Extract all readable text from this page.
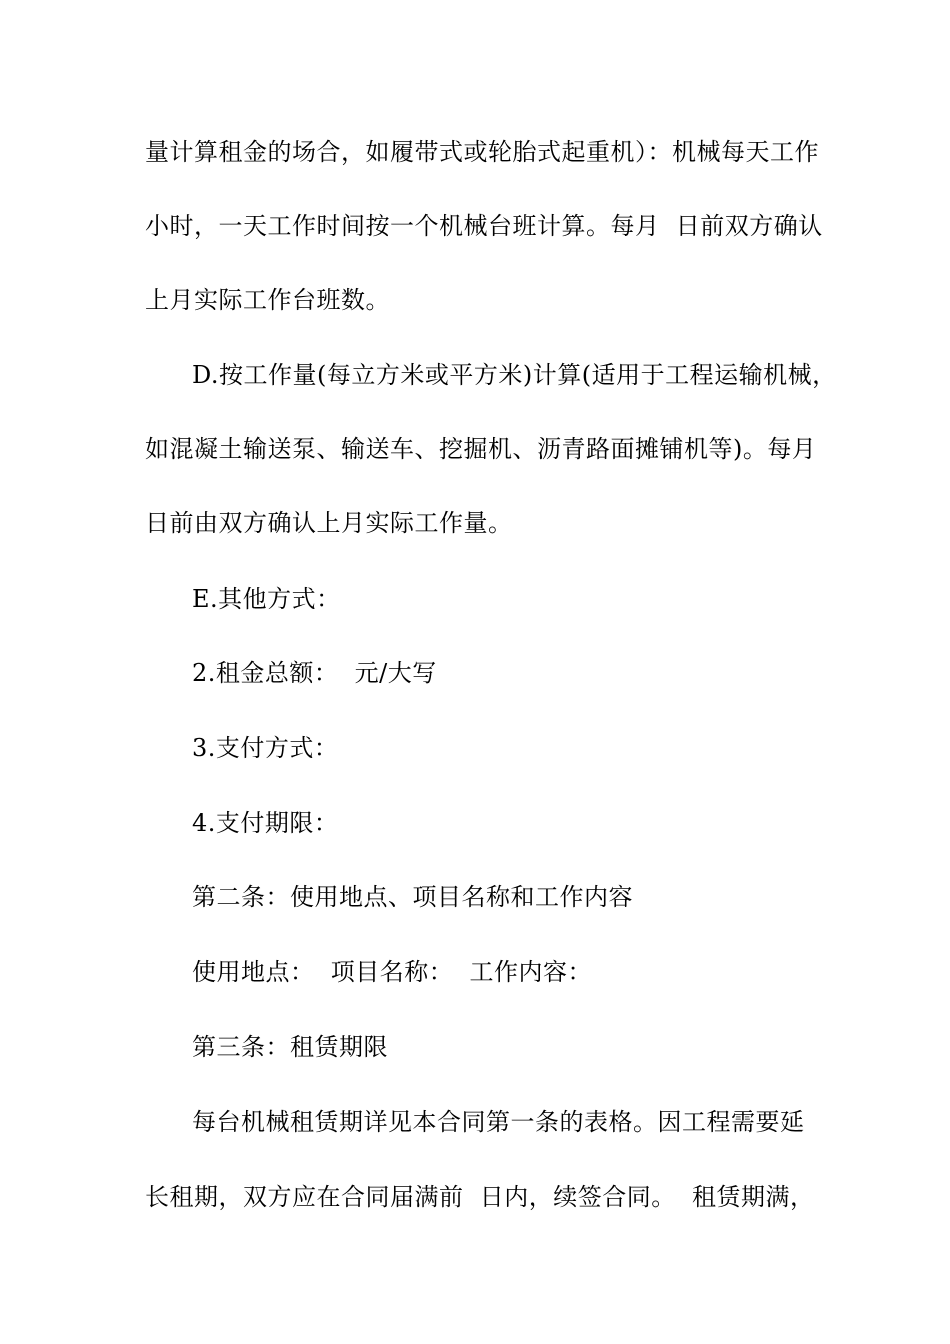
量计算租金的场合，如履带式或轮胎式起重机）：机械每天工作
小时，一天工作时间按一个机械台班计算。每月  日前双方确认
上月实际工作台班数。
D.按工作量(每立方米或平方米)计算(适用于工程运输机械，
如混凝土输送泵、输送车、挖掘机、沥青路面摊铺机等)。每月
日前由双方确认上月实际工作量。
E.其他方式：
2.租金总额：  元/大写
3.支付方式：
4.支付期限：
第二条：使用地点、项目名称和工作内容
使用地点：  项目名称：  工作内容：
第三条：租赁期限
每台机械租赁期详见本合同第一条的表格。因工程需要延
长租期，双方应在合同届满前  日内，续签合同。  租赁期满，
